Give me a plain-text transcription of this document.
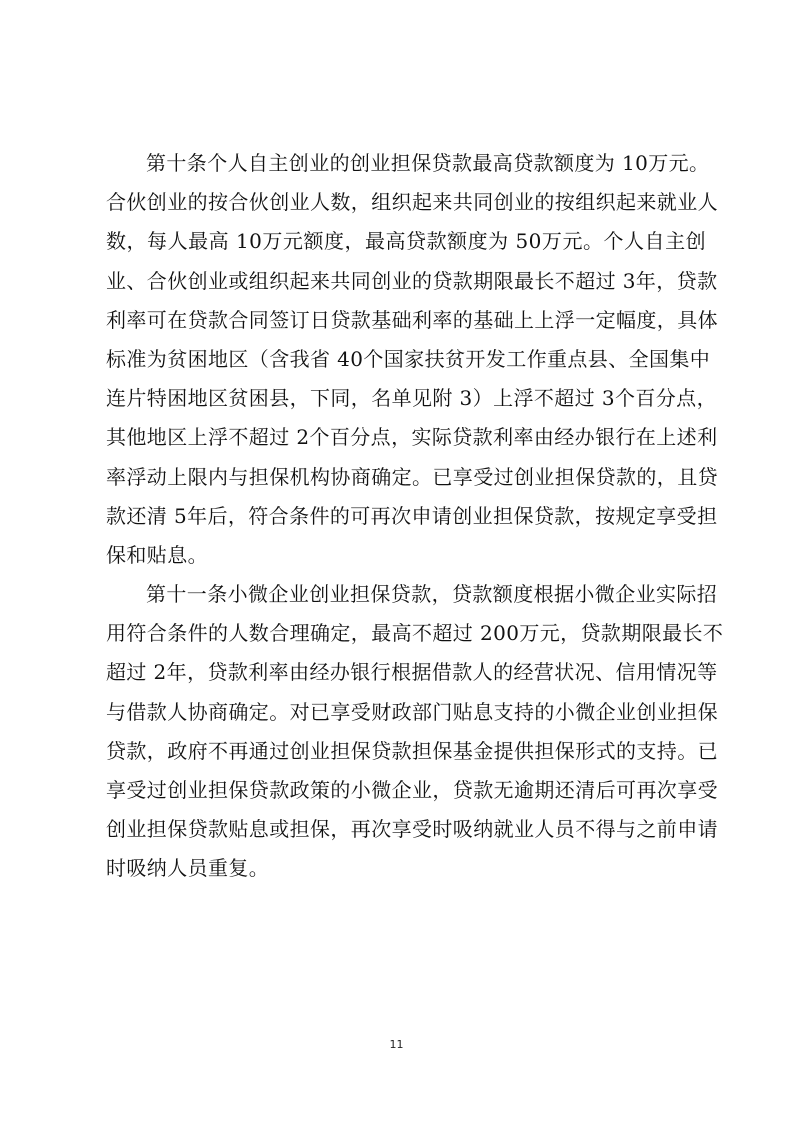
第十条个人自主创业的创业担保贷款最高贷款额度为 10万元。
合伙创业的按合伙创业人数，组织起来共同创业的按组织起来就业人
数，每人最高 10万元额度，最高贷款额度为 50万元。个人自主创
业、合伙创业或组织起来共同创业的贷款期限最长不超过 3年，贷款
利率可在贷款合同签订日贷款基础利率的基础上上浮一定幅度，具体
标准为贫困地区（含我省 40个国家扶贫开发工作重点县、全国集中
连片特困地区贫困县，下同，名单见附 3）上浮不超过 3个百分点，
其他地区上浮不超过 2个百分点，实际贷款利率由经办银行在上述利
率浮动上限内与担保机构协商确定。已享受过创业担保贷款的，且贷
款还清 5年后，符合条件的可再次申请创业担保贷款，按规定享受担
保和贴息。
第十一条小微企业创业担保贷款，贷款额度根据小微企业实际招
用符合条件的人数合理确定，最高不超过 200万元，贷款期限最长不
超过 2年，贷款利率由经办银行根据借款人的经营状况、信用情况等
与借款人协商确定。对已享受财政部门贴息支持的小微企业创业担保
贷款，政府不再通过创业担保贷款担保基金提供担保形式的支持。已
享受过创业担保贷款政策的小微企业，贷款无逾期还清后可再次享受
创业担保贷款贴息或担保，再次享受时吸纳就业人员不得与之前申请
时吸纳人员重复。
11
